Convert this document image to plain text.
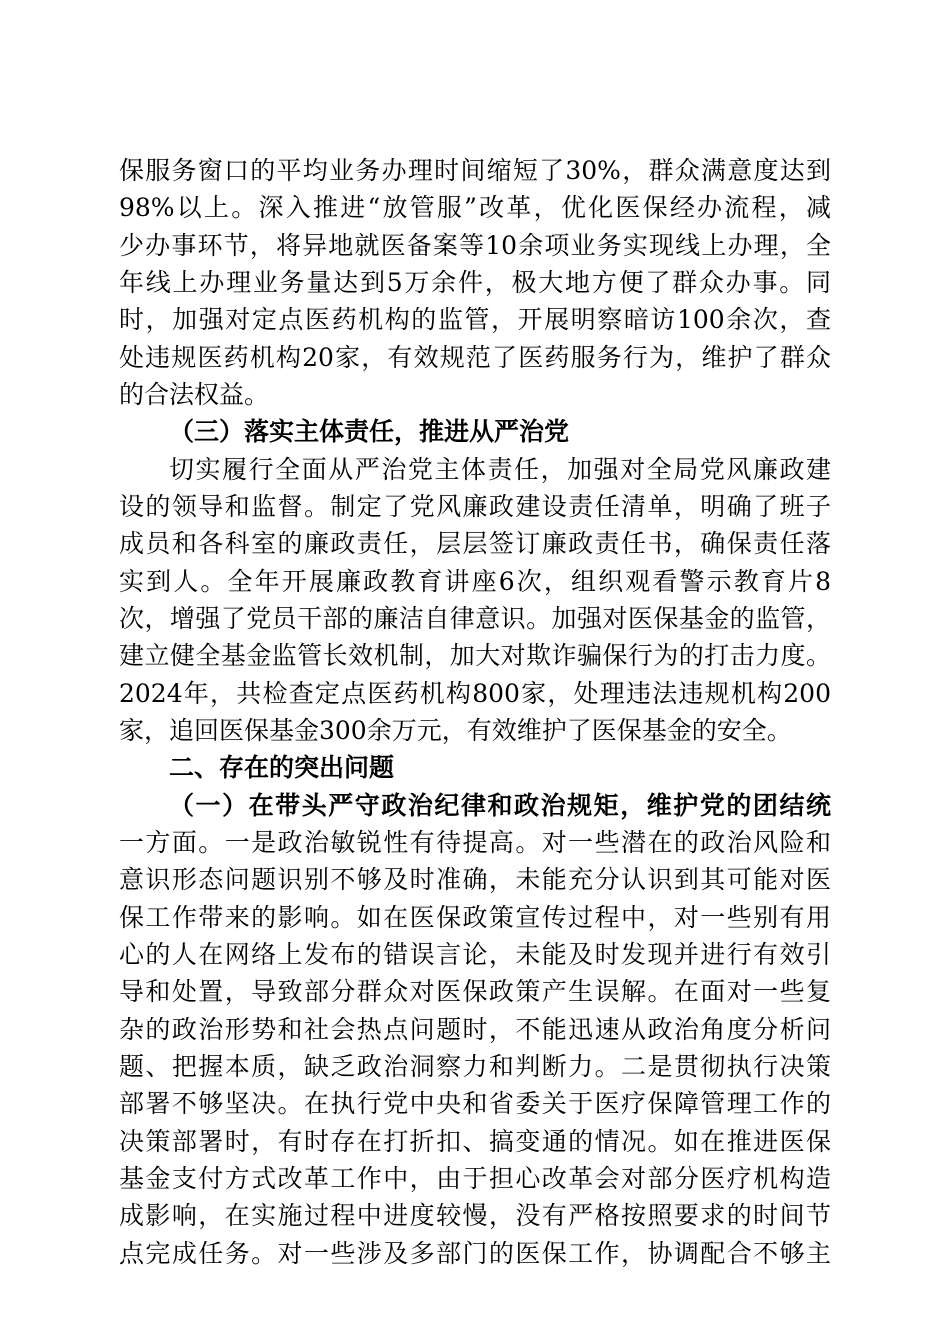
保服务窗口的平均业务办理时间缩短了30%，群众满意度达到
98%以上。深入推进“放管服”改革，优化医保经办流程，减
少办事环节，将异地就医备案等10余项业务实现线上办理，全
年线上办理业务量达到5万余件，极大地方便了群众办事。同
时，加强对定点医药机构的监管，开展明察暗访100余次，查
处违规医药机构20家，有效规范了医药服务行为，维护了群众
的合法权益。
（三）落实主体责任，推进从严治党
切实履行全面从严治党主体责任，加强对全局党风廉政建
设的领导和监督。制定了党风廉政建设责任清单，明确了班子
成员和各科室的廉政责任，层层签订廉政责任书，确保责任落
实到人。全年开展廉政教育讲座6次，组织观看警示教育片8
次，增强了党员干部的廉洁自律意识。加强对医保基金的监管，
建立健全基金监管长效机制，加大对欺诈骗保行为的打击力度。
2024年，共检查定点医药机构800家，处理违法违规机构200
家，追回医保基金300余万元，有效维护了医保基金的安全。
二、存在的突出问题
（一）在带头严守政治纪律和政治规矩，维护党的团结统
一方面。一是政治敏锐性有待提高。对一些潜在的政治风险和
意识形态问题识别不够及时准确，未能充分认识到其可能对医
保工作带来的影响。如在医保政策宣传过程中，对一些别有用
心的人在网络上发布的错误言论，未能及时发现并进行有效引
导和处置，导致部分群众对医保政策产生误解。在面对一些复
杂的政治形势和社会热点问题时，不能迅速从政治角度分析问
题、把握本质，缺乏政治洞察力和判断力。二是贯彻执行决策
部署不够坚决。在执行党中央和省委关于医疗保障管理工作的
决策部署时，有时存在打折扣、搞变通的情况。如在推进医保
基金支付方式改革工作中，由于担心改革会对部分医疗机构造
成影响，在实施过程中进度较慢，没有严格按照要求的时间节
点完成任务。对一些涉及多部门的医保工作，协调配合不够主
